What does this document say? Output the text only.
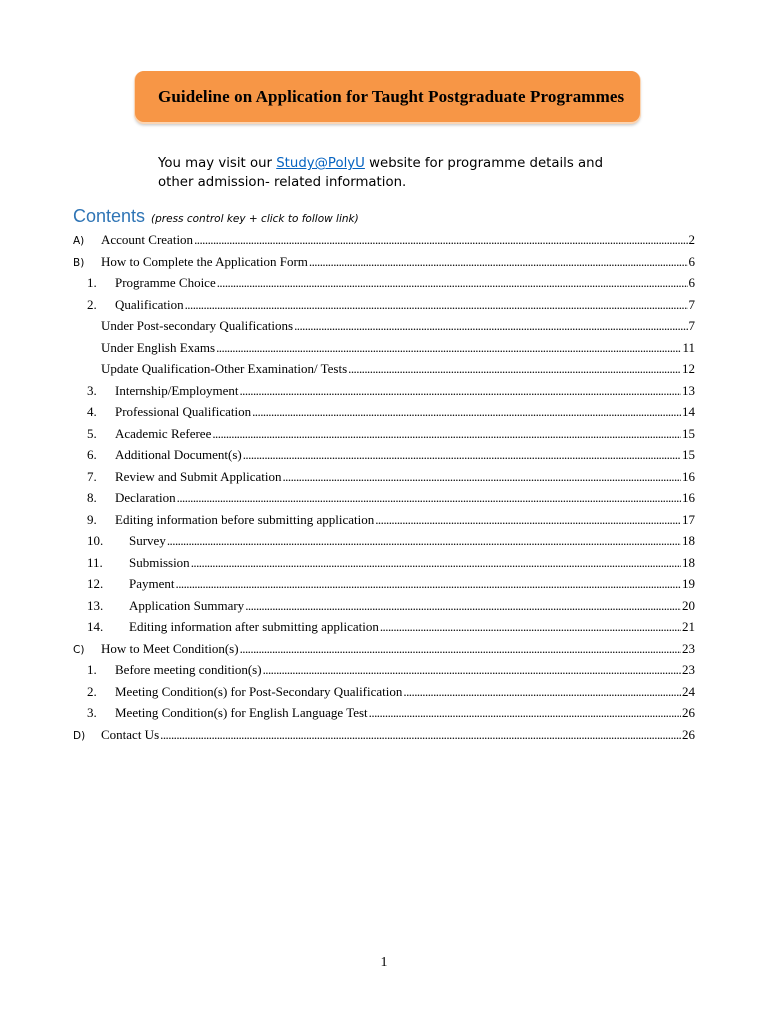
Guideline on Application for Taught Postgraduate Programmes
You may visit our Study@PolyU website for programme details and other admission- related information.
Contents (press control key + click to follow link)
A)	Account Creation . . .	2
B)	How to Complete the Application Form . . .	6
1.	Programme Choice . . .	6
2.	Qualification . . .	7
Under Post-secondary Qualifications . . .	7
Under English Exams . . .	11
Update Qualification-Other Examination/ Tests . . .	12
3.	Internship/Employment . . .	13
4.	Professional Qualification . . .	14
5.	Academic Referee . . .	15
6.	Additional Document(s) . . .	15
7.	Review and Submit Application . . .	16
8.	Declaration . . .	16
9.	Editing information before submitting application . . .	17
10.	Survey . . .	18
11.	Submission . . .	18
12.	Payment . . .	19
13.	Application Summary . . .	20
14.	Editing information after submitting application . . .	21
C)	How to Meet Condition(s) . . .	23
1.	Before meeting condition(s) . . .	23
2.	Meeting Condition(s) for Post-Secondary Qualification . . .	24
3.	Meeting Condition(s) for English Language Test . . .	26
D)	Contact Us . . .	26
1
